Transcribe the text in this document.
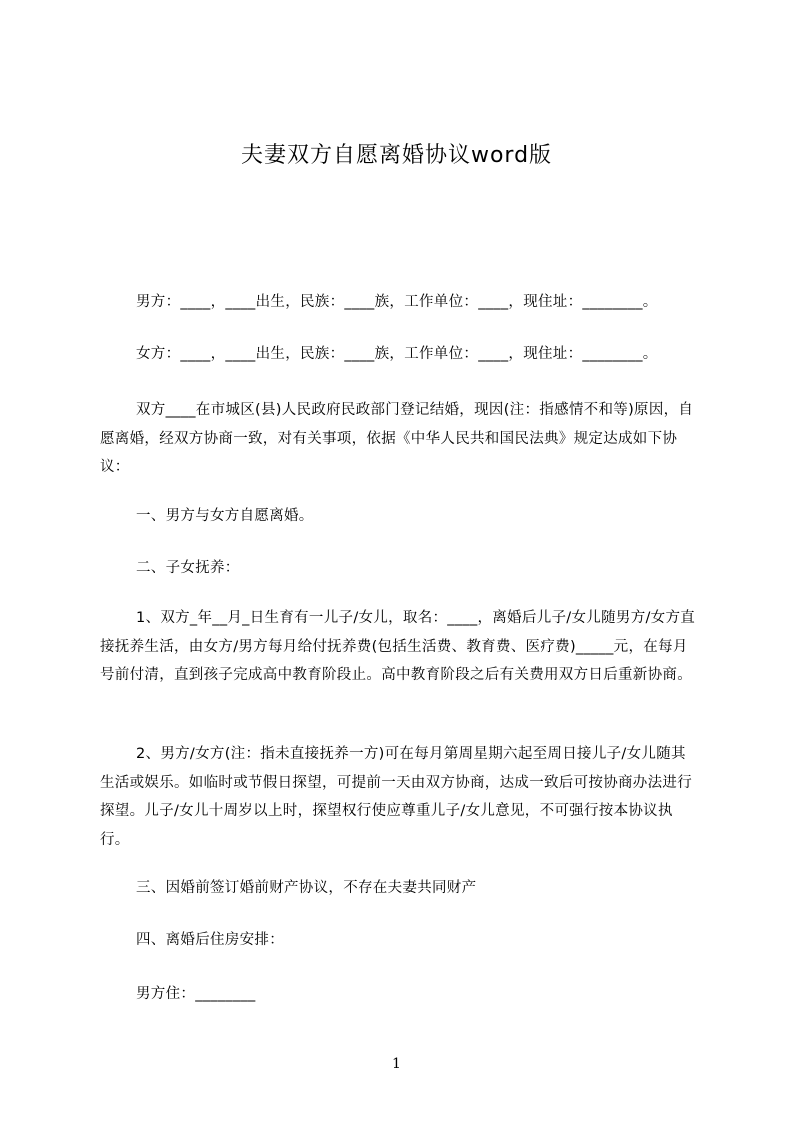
夫妻双方自愿离婚协议word版
男方：____，____出生，民族：____族，工作单位：____，现住址：________。
女方：____，____出生，民族：____族，工作单位：____，现住址：________。
双方____在市城区(县)人民政府民政部门登记结婚，现因(注：指感情不和等)原因，自愿离婚，经双方协商一致，对有关事项，依据《中华人民共和国民法典》规定达成如下协议：
一、男方与女方自愿离婚。
二、子女抚养：
1、双方_年__月_日生育有一儿子/女儿，取名：____，离婚后儿子/女儿随男方/女方直接抚养生活，由女方/男方每月给付抚养费(包括生活费、教育费、医疗费)_____元，在每月号前付清，直到孩子完成高中教育阶段止。高中教育阶段之后有关费用双方日后重新协商。
2、男方/女方(注：指未直接抚养一方)可在每月第周星期六起至周日接儿子/女儿随其生活或娱乐。如临时或节假日探望，可提前一天由双方协商，达成一致后可按协商办法进行探望。儿子/女儿十周岁以上时，探望权行使应尊重儿子/女儿意见，不可强行按本协议执行。
三、因婚前签订婚前财产协议，不存在夫妻共同财产
四、离婚后住房安排：
男方住：________
1
